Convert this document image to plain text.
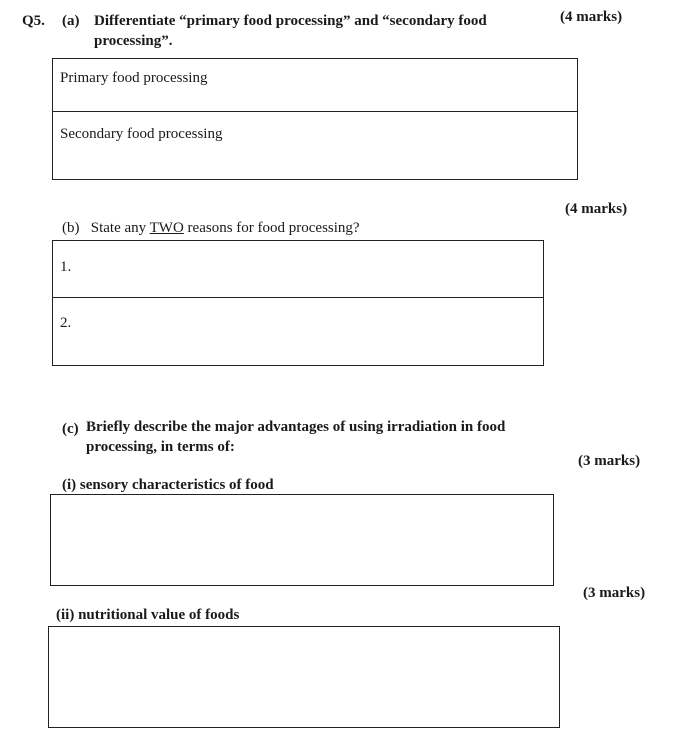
Q5. (a) Differentiate “primary food processing” and “secondary food
processing”.
(4 marks)
Primary food processing
Secondary food processing
(4 marks)
(b) State any TWO reasons for food processing?
1.
2.
(c) Briefly describe the major advantages of using irradiation in food
processing, in terms of:
(3 marks)
(i) sensory characteristics of food
(3 marks)
(ii) nutritional value of foods
